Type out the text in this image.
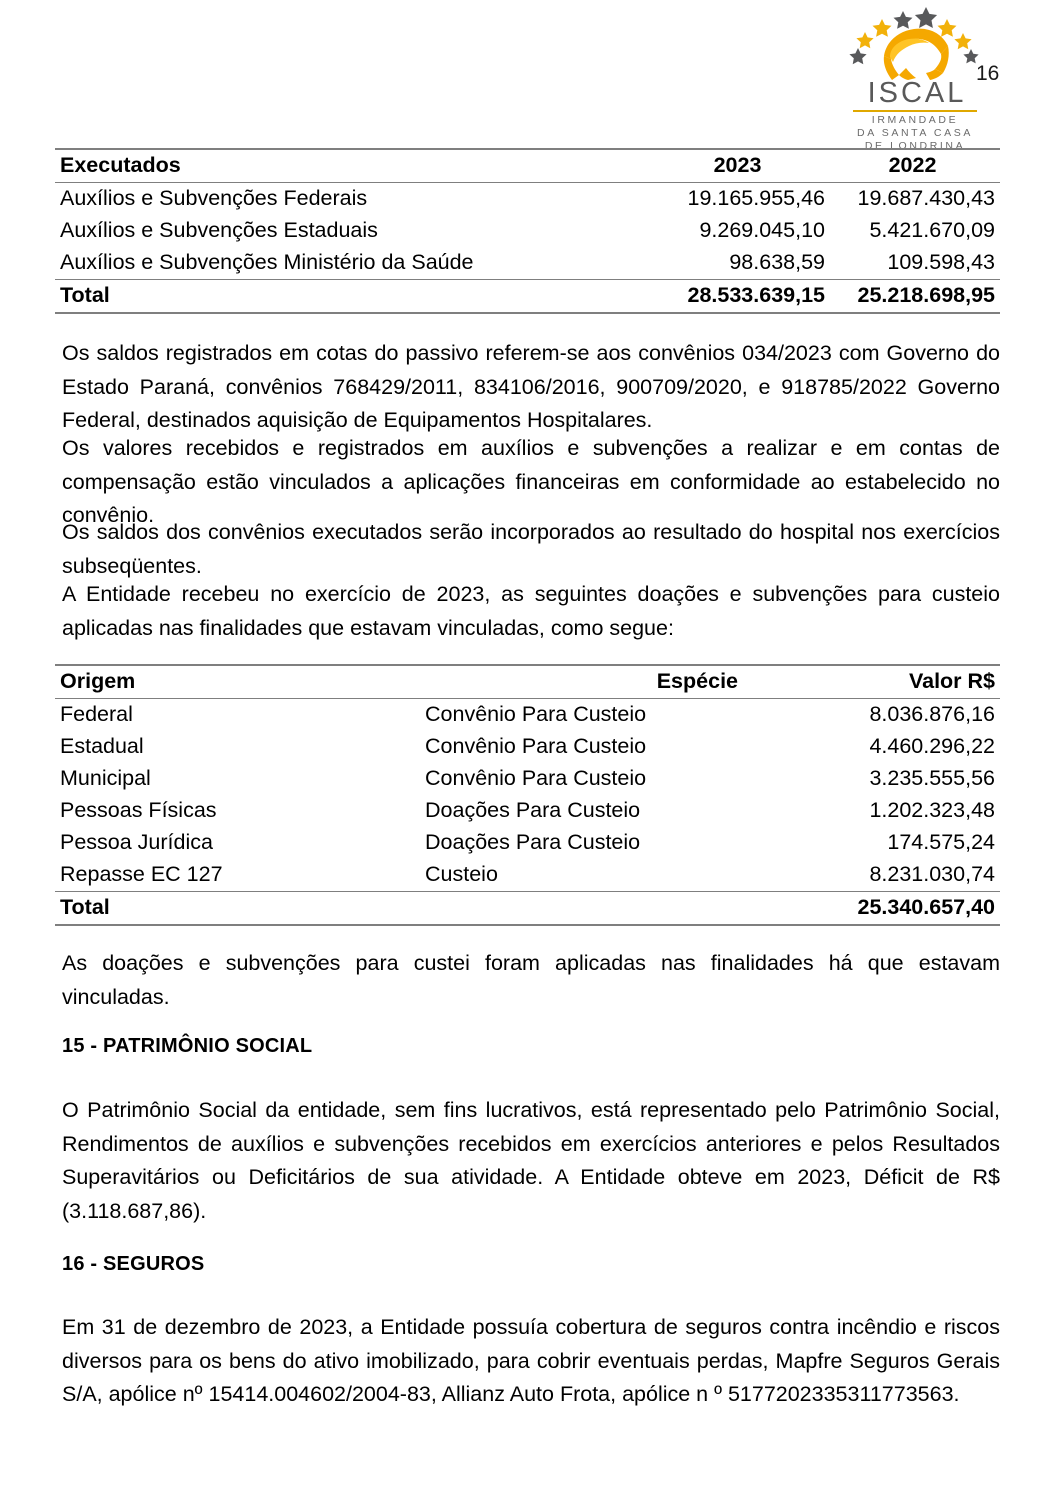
ISCAL
IRMANDADE
DA SANTA CASA
DE LONDRINA
16
Executados	2023	2022
Auxílios e Subvenções Federais	19.165.955,46	19.687.430,43
Auxílios e Subvenções Estaduais	9.269.045,10	5.421.670,09
Auxílios e Subvenções Ministério da Saúde	98.638,59	109.598,43
Total	28.533.639,15	25.218.698,95
Os saldos registrados em cotas do passivo referem-se aos convênios 034/2023 com Governo do Estado Paraná, convênios 768429/2011, 834106/2016, 900709/2020, e 918785/2022 Governo Federal, destinados aquisição de Equipamentos Hospitalares.
Os valores recebidos e registrados em auxílios e subvenções a realizar e em contas de compensação estão vinculados a aplicações financeiras em conformidade ao estabelecido no convênio.
Os saldos dos convênios executados serão incorporados ao resultado do hospital nos exercícios subseqüentes.
A Entidade recebeu no exercício de 2023, as seguintes doações e subvenções para custeio aplicadas nas finalidades que estavam vinculadas, como segue:
Origem	Espécie	Valor R$
Federal	Convênio Para Custeio	8.036.876,16
Estadual	Convênio Para Custeio	4.460.296,22
Municipal	Convênio Para Custeio	3.235.555,56
Pessoas Físicas	Doações Para Custeio	1.202.323,48
Pessoa Jurídica	Doações Para Custeio	174.575,24
Repasse EC 127	Custeio	8.231.030,74
Total		25.340.657,40
As doações e subvenções para custei foram aplicadas nas finalidades há que estavam vinculadas.
15 - PATRIMÔNIO SOCIAL
O Patrimônio Social da entidade, sem fins lucrativos, está representado pelo Patrimônio Social, Rendimentos de auxílios e subvenções recebidos em exercícios anteriores e pelos Resultados Superavitários ou Deficitários de sua atividade. A Entidade obteve em 2023, Déficit de R$ (3.118.687,86).
16 - SEGUROS
Em 31 de dezembro de 2023, a Entidade possuía cobertura de seguros contra incêndio e riscos diversos para os bens do ativo imobilizado, para cobrir eventuais perdas, Mapfre Seguros Gerais S/A, apólice nº 15414.004602/2004-83, Allianz Auto Frota, apólice n º 5177202335311773563.
